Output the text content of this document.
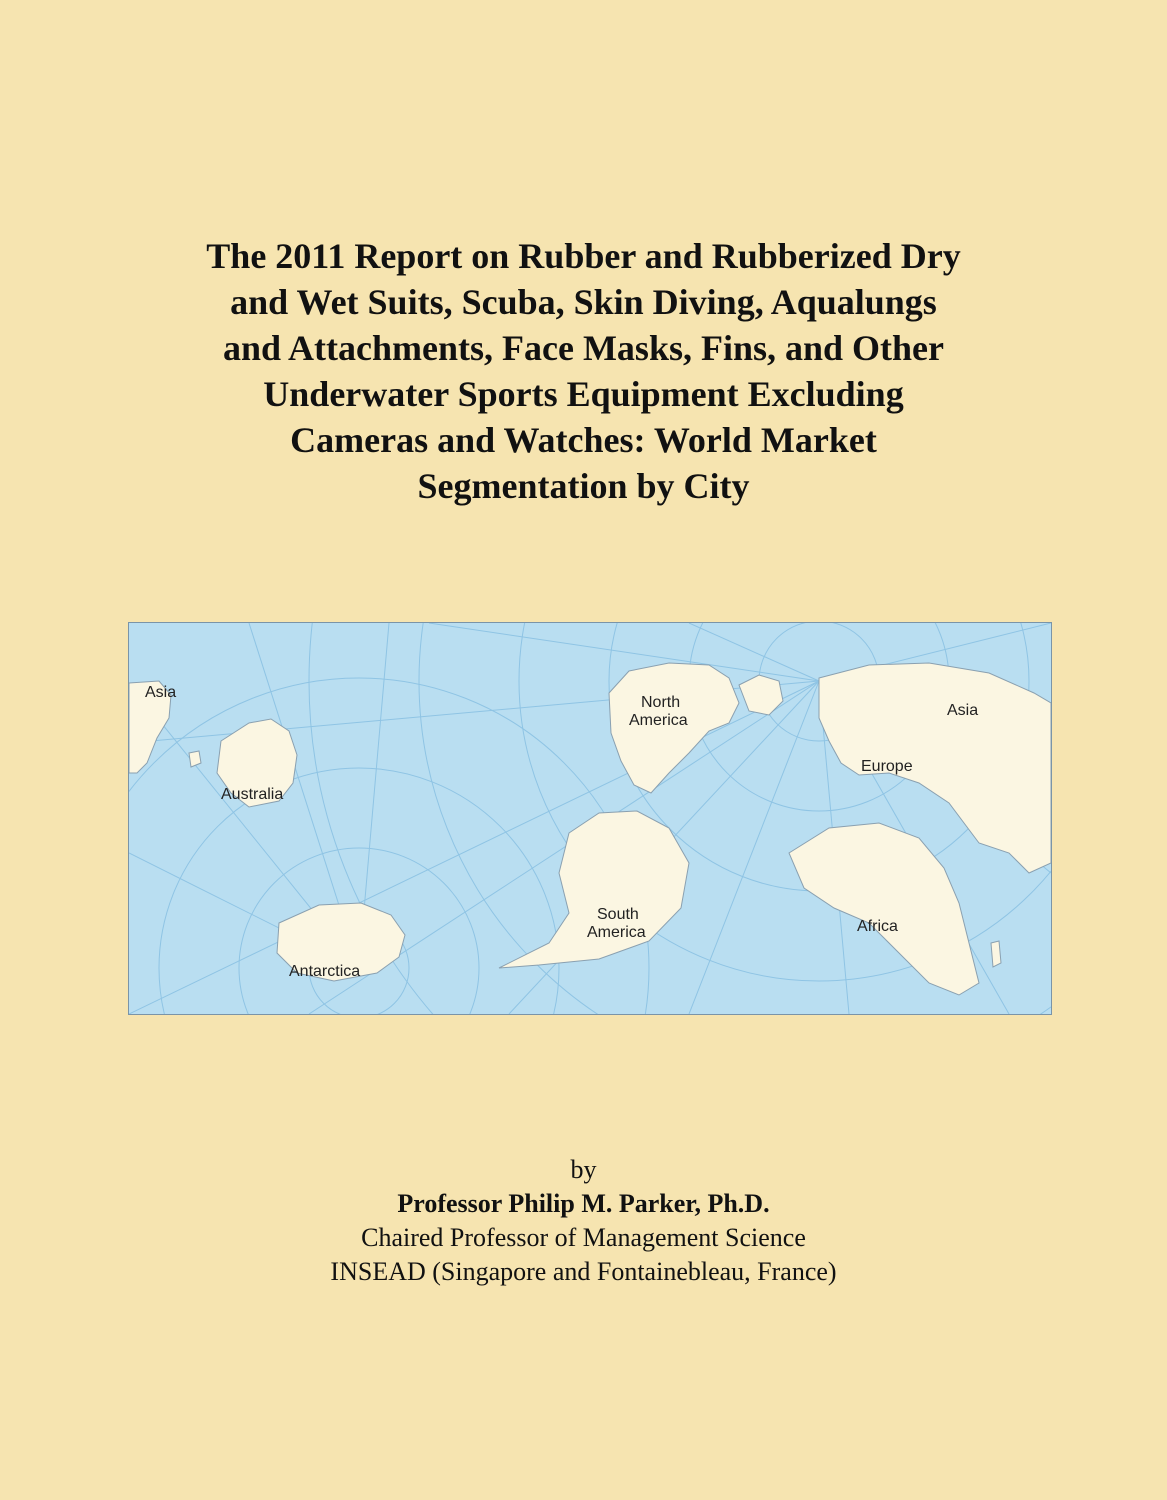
The 2011 Report on Rubber and Rubberized Dry
and Wet Suits, Scuba, Skin Diving, Aqualungs
and Attachments, Face Masks, Fins, and Other
Underwater Sports Equipment Excluding
Cameras and Watches: World Market
Segmentation by City
Asia
Australia
Antarctica
North
America
South
America
Asia
Europe
Africa
by
Professor Philip M. Parker, Ph.D.
Chaired Professor of Management Science
INSEAD (Singapore and Fontainebleau, France)
